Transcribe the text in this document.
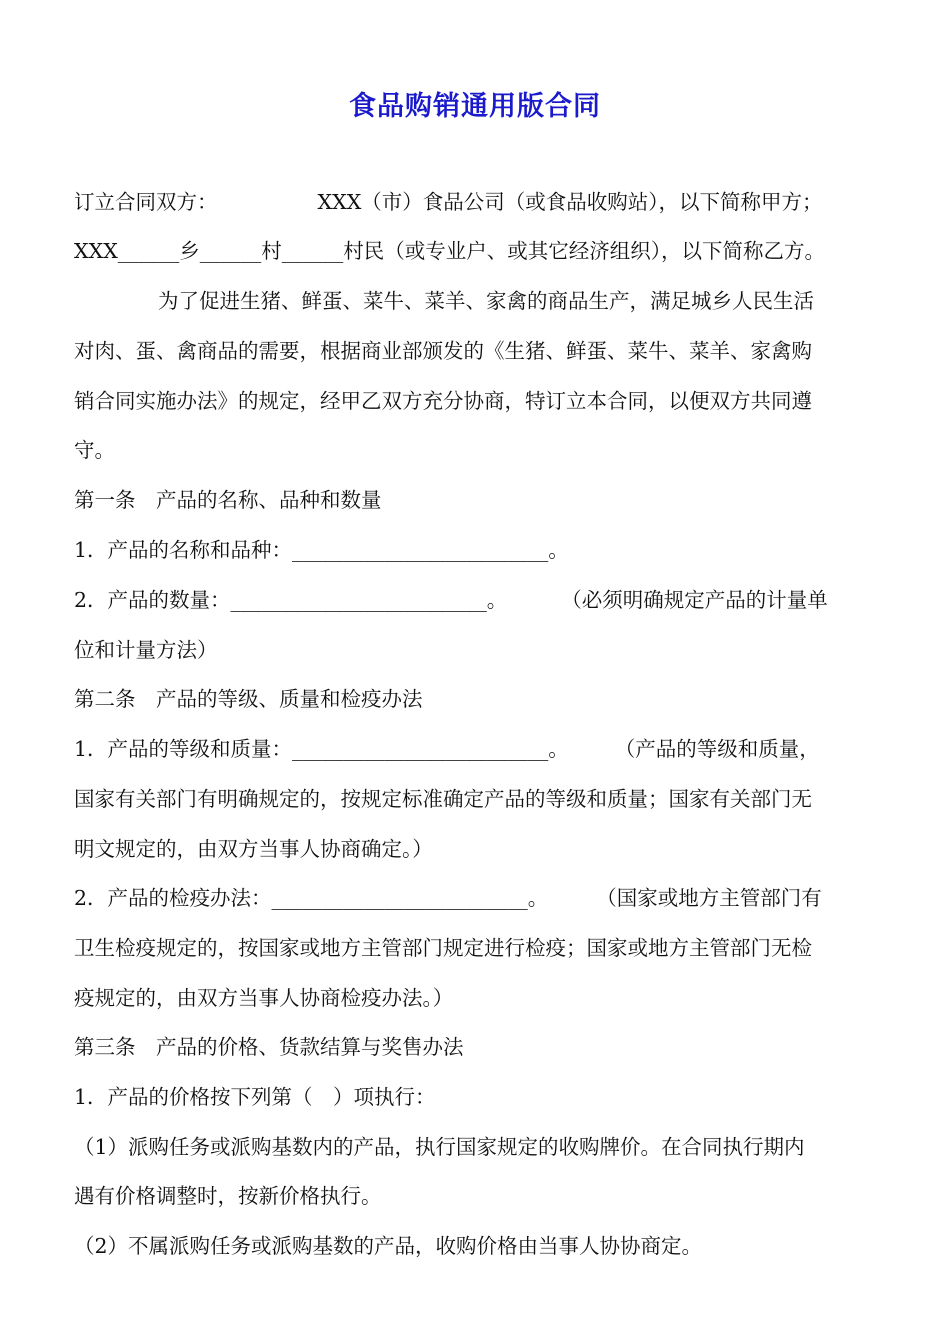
食品购销通用版合同
订立合同双方：	XXX（市）食品公司（或食品收购站），以下简称甲方；
XXX______乡______村______村民（或专业户、或其它经济组织），以下简称乙方。
为了促进生猪、鲜蛋、菜牛、菜羊、家禽的商品生产，满足城乡人民生活
对肉、蛋、禽商品的需要，根据商业部颁发的《生猪、鲜蛋、菜牛、菜羊、家禽购
销合同实施办法》的规定，经甲乙双方充分协商，特订立本合同，以便双方共同遵
守。
第一条　产品的名称、品种和数量
1．产品的名称和品种：_________________________。
2．产品的数量：_________________________。	（必须明确规定产品的计量单
位和计量方法）
第二条　产品的等级、质量和检疫办法
1．产品的等级和质量：_________________________。 （产品的等级和质量，
国家有关部门有明确规定的，按规定标准确定产品的等级和质量；国家有关部门无
明文规定的，由双方当事人协商确定。）
2．产品的检疫办法：_________________________。 （国家或地方主管部门有
卫生检疫规定的，按国家或地方主管部门规定进行检疫；国家或地方主管部门无检
疫规定的，由双方当事人协商检疫办法。）
第三条　产品的价格、货款结算与奖售办法
1．产品的价格按下列第（　）项执行：
（1）派购任务或派购基数内的产品，执行国家规定的收购牌价。在合同执行期内
遇有价格调整时，按新价格执行。
（2）不属派购任务或派购基数的产品，收购价格由当事人协协商定。
